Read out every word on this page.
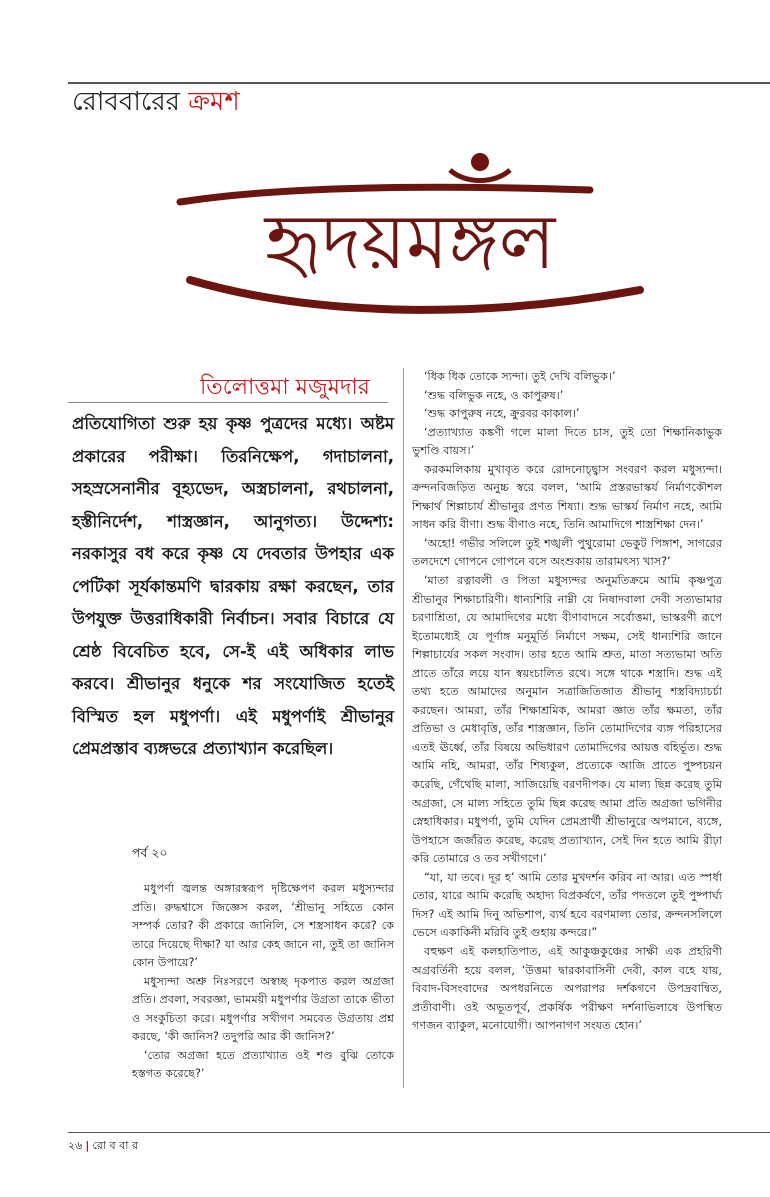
রোববারের ক্রমশ
হৃদয়মঙ্গল
তিলোত্তমা মজুমদার
প্রতিযোগিতা শুরু হয় কৃষ্ণ পুত্রদের মধ্যে। অষ্টম প্রকারের পরীক্ষা। তিরনিক্ষেপ, গদাচালনা, সহস্রসেনানীর বূহ্যভেদ, অস্ত্রচালনা, রথচালনা, হস্তীনির্দেশ, শাস্ত্রজ্ঞান, আনুগত্য। উদ্দেশ্য: নরকাসুর বধ করে কৃষ্ণ যে দেবতার উপহার এক পেটিকা সূর্যকান্তমণি দ্বারকায় রক্ষা করছেন, তার উপযুক্ত উত্তরাধিকারী নির্বাচন। সবার বিচারে যে শ্রেষ্ঠ বিবেচিত হবে, সে-ই এই অধিকার লাভ করবে। শ্রীভানুর ধনুকে শর সংযোজিত হতেই বিস্মিত হল মধুপর্ণা। এই মধুপর্ণাই শ্রীভানুর প্রেমপ্রস্তাব ব্যঙ্গভরে প্রত্যাখ্যান করেছিল।
পর্ব ২০

মধুপর্ণা জ্বলন্ত অঙ্গারস্বরূপ দৃষ্টিক্ষেপণ করল মধুস্যন্দার প্রতি। রুদ্ধশ্বাসে জিজ্ঞেস করল, ‘শ্রীভানু সহিতে কোন সম্পর্ক তোর? কী প্রকারে জানিলি, সে শস্ত্রসাধন করে? কে তারে দিয়েছে দীক্ষা? যা আর কেহ জানে না, তুই তা জানিস কোন উপায়ে?’

মধুস্যন্দা অশ্রু নিঃসরণে অস্বচ্ছ দৃকপাত করল অগ্রজা প্রতি। প্রবলা, সবরজ্ঞা, ভামময়ী মধুপর্ণার উগ্রতা তাকে ভীতা ও সংকুচিতা করে। মধুপর্ণার সখীগণ সমবেত উগ্রতায় প্রশ্ন করছে, ‘কী জানিস? তদুপরি আর কী জানিস?’

‘তোর অগ্রজা হতে প্রত্যাখ্যাত ওই শণ্ড বুঝি তোকে হস্তগত করেছে?’

‘ধিক ধিক তোকে স্যন্দা। তুই দেখি বলিভুক।’

‘শুদ্ধ বলিভুক নহে, ও কাপুরুষ।’

‘শুদ্ধ কাপুরুষ নহে, ক্রুরবর কাকাল।’

‘প্রত্যাখ্যাত কঙ্কণী গলে মালা দিতে চাস, তুই তো শিক্ষানিকাভুক ভুশণ্ডি বায়স।’

করকমলিকায় মুখাবৃত করে রোদনোচ্ছ্বাস সংবরণ করল মধুস্যন্দা। ক্রন্দনবিজড়িত অনুচ্চ স্বরে বলল, ‘আমি প্রস্তরভাস্কর্য নির্মাণকৌশল শিক্ষার্থ শিল্পাচার্য শ্রীভানুর প্রণত শিষ্যা। শুদ্ধ ভাস্কর্য নির্মাণ নহে, আমি সাধন করি বীণা। শুদ্ধ বীণাও নহে, তিনি আমাদিগে শাস্ত্রশিক্ষা দেন।’

‘অহো! গভীর সলিলে তুই শঙ্খলী পুথুরোমা ভেকুট পিঙ্গাশ, সাগরের তলদেশে গোপনে গোপনে বসে অংশুকায় তারামৎস্য খাস?’

‘মাতা রত্নাবলী ও পিতা মধুস্যন্দর অনুমতিক্রমে আমি কৃষ্ণপুত্র শ্রীভানুর শিক্ষাচারিণী। ধান্যশিরি নাম্নী যে নিষাদবালা দেবী সত্যভামার চরণাশ্রিতা, যে আমাদিগের মধ্যে বীণাবাদনে সর্বোত্তমা, ভাস্করণী রূপে ইতোমধ্যেই যে পূর্ণাঙ্গ মনুমূর্তি নির্মাণে সক্ষম, সেই ধান্যশিরি জানে শিল্পাচার্যের সকল সংবাদ। তার হতে আমি শ্রুত, মাতা সত্যভামা অতি প্রাতে তাঁরে লয়ে যান স্বয়ংচালিত রথে। সঙ্গে থাকে শস্ত্রাদি। শুদ্ধ এই তথ্য হতে আমাদের অনুমান সত্রাজিতিজাত শ্রীভানু শস্ত্রবিদ্যাচর্চা করছেন। আমরা, তাঁর শিক্ষাশ্রমিক, আমরা জ্ঞাত তাঁর ক্ষমতা, তাঁর প্রতিভা ও মেধাবৃত্তি, তাঁর শাস্ত্রজ্ঞান, তিনি তোমাদিগের ব্যঙ্গ পরিহাসের এতই ঊর্ধ্বে, তাঁর বিষয়ে অভিধারণ তোমাদিগের আয়ত্ত বহির্ভূত। শুদ্ধ আমি নহি, আমরা, তাঁর শিষ্যকুল, প্রত্যেকে আজি প্রাতে পুষ্পচয়ন করেছি, গেঁথেছি মালা, সাজিয়েছি বরণদীপক। যে মাল্য ছিন্ন করেছ তুমি অগ্রজা, সে মাল্য সহিতে তুমি ছিন্ন করেছ আমা প্রতি অগ্রজা ভগিনীর স্নেহাধিকার। মধুপর্ণা, তুমি যেদিন প্রেমপ্রার্থী শ্রীভানুরে অপমানে, ব্যঙ্গে, উপহাসে জর্জরিত করেছ, করেছ প্রত্যাখ্যান, সেই দিন হতে আমি রীঢ়া করি তোমারে ও তব সখীগণে।’

“যা, যা তবে। দূর হ’ আমি তোর মুখদর্শন করিব না আর। এত স্পর্ধা তোর, যারে আমি করেছি অহাদ্য বিপ্রকর্ষণে, তাঁর পদতলে তুই পুষ্পার্ঘ্য দিস? এই আমি দিনু অভিশাপ, ব্যর্থ হবে বরণমাল্য তোর, ক্রন্দনসলিলে ভেসে একাকিনী মরিবি তুই গুহায় কন্দরে।”

বহুক্ষণ এই কলহাতিপাত, এই আকুঞ্চকুঞ্চের সাক্ষী এক প্রহরিণী অগ্রবর্তিনী হয়ে বলল, ‘উত্তমা দ্বারকাবাসিনী দেবী, কাল বহে যায়, বিবাদ-বিসংবাদের অপধরনিতে অপরাপর দর্শকগণে উপদ্রবান্বিত, প্রতীবাণী। ওই অভূতপূর্ব, প্রকর্ষিক পরীক্ষণ দর্শনাভিলাষে উপস্থিত গণজন ব্যাকুল, মনোযোগী। আপনাগণ সংযত হোন।’

২৬ | রো ব বা র
